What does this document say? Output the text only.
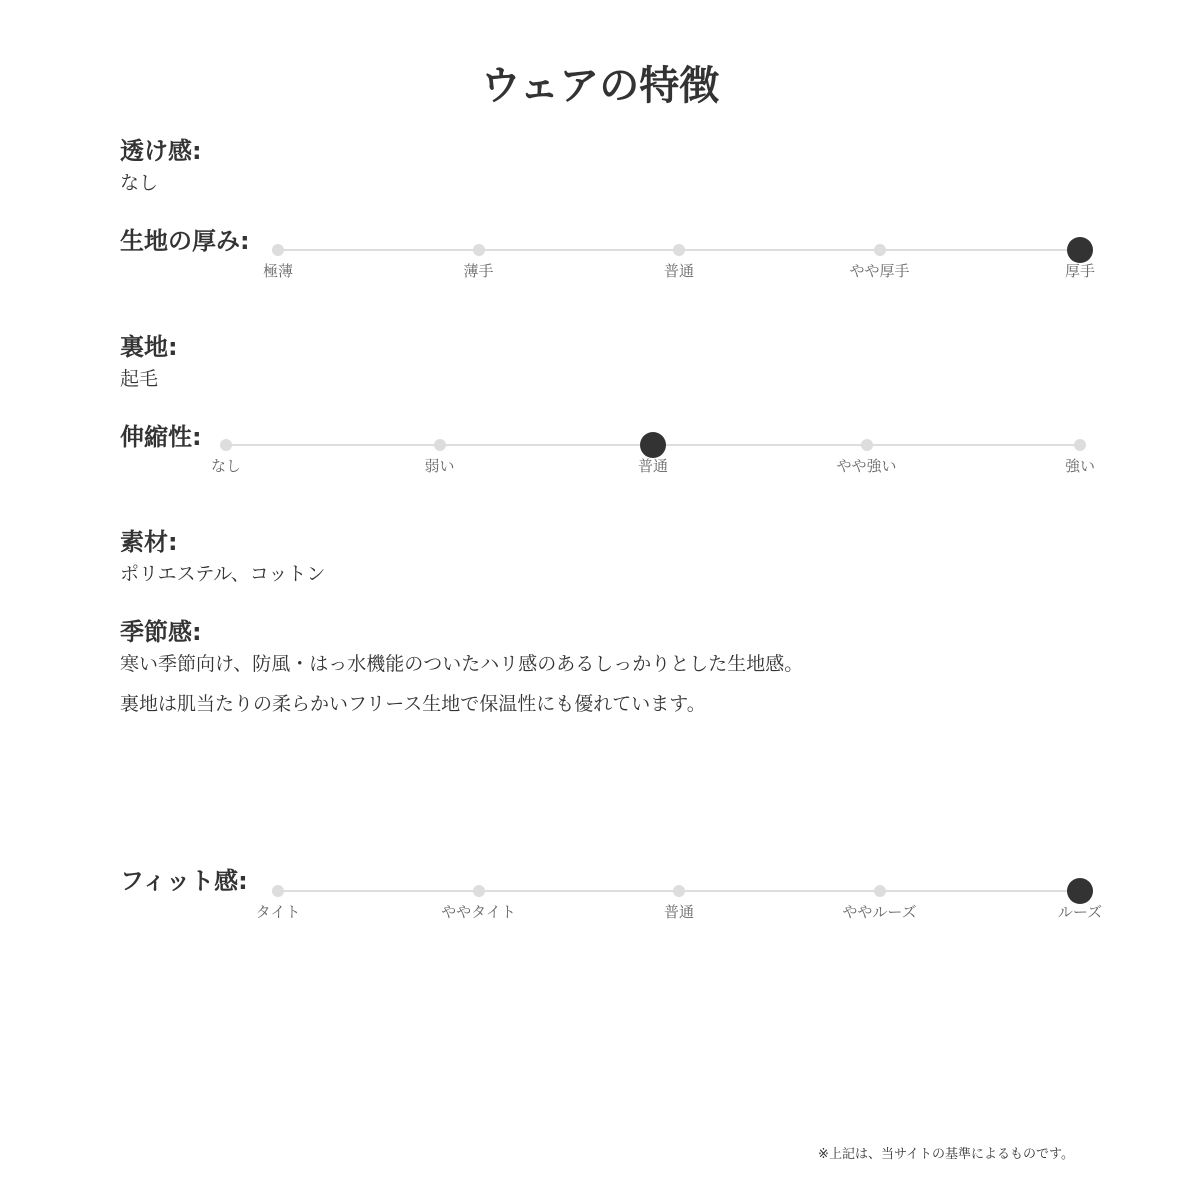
ウェアの特徴
透け感:
なし
生地の厚み:
極薄	薄手	普通	やや厚手	厚手
裏地:
起毛
伸縮性:
なし	弱い	普通	やや強い	強い
素材:
ポリエステル、コットン
季節感:
寒い季節向け、防風・はっ水機能のついたハリ感のあるしっかりとした生地感。
裏地は肌当たりの柔らかいフリース生地で保温性にも優れています。
フィット感:
タイト	ややタイト	普通	ややルーズ	ルーズ
※上記は、当サイトの基準によるものです。
